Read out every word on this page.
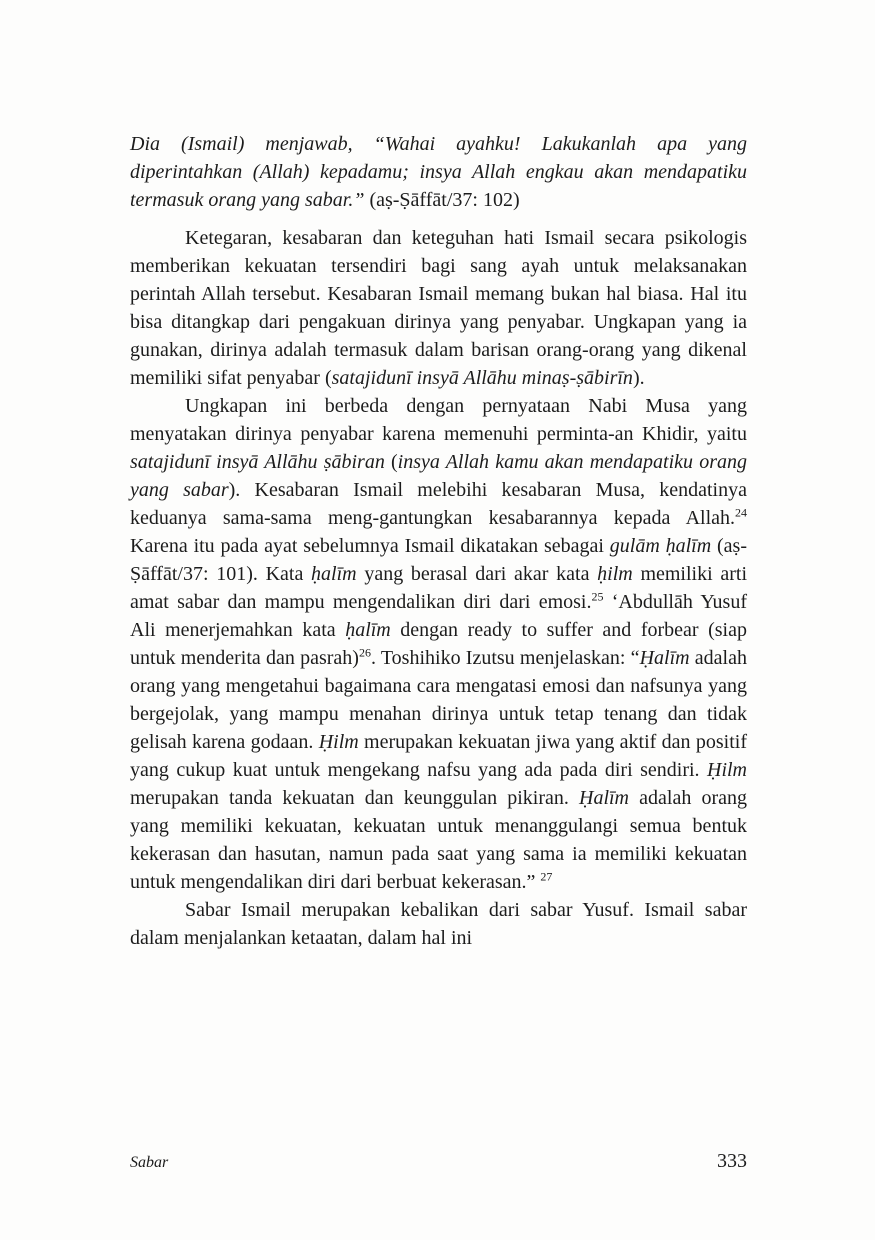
Dia (Ismail) menjawab, “Wahai ayahku! Lakukanlah apa yang diperintahkan (Allah) kepadamu; insya Allah engkau akan mendapatiku termasuk orang yang sabar.” (aṣ-Ṣāffāt/37: 102)

Ketegaran, kesabaran dan keteguhan hati Ismail secara psikologis memberikan kekuatan tersendiri bagi sang ayah untuk melaksanakan perintah Allah tersebut. Kesabaran Ismail memang bukan hal biasa. Hal itu bisa ditangkap dari pengakuan dirinya yang penyabar. Ungkapan yang ia gunakan, dirinya adalah termasuk dalam barisan orang-orang yang dikenal memiliki sifat penyabar (satajidunī insyā Allāhu minaṣ-ṣābirīn).

Ungkapan ini berbeda dengan pernyataan Nabi Musa yang menyatakan dirinya penyabar karena memenuhi perminta-an Khidir, yaitu satajidunī insyā Allāhu ṣābiran (insya Allah kamu akan mendapatiku orang yang sabar). Kesabaran Ismail melebihi kesabaran Musa, kendatinya keduanya sama-sama meng-gantungkan kesabarannya kepada Allah.$^{24}$ Karena itu pada ayat sebelumnya Ismail dikatakan sebagai gulām ḥalīm (aṣ-Ṣāffāt/37: 101). Kata ḥalīm yang berasal dari akar kata ḥilm memiliki arti amat sabar dan mampu mengendalikan diri dari emosi.$^{25}$ ‘Abdullāh Yusuf Ali menerjemahkan kata ḥalīm dengan ready to suffer and forbear (siap untuk menderita dan pasrah)$^{26}$. Toshihiko Izutsu menjelaskan: “Ḥalīm adalah orang yang mengetahui bagaimana cara mengatasi emosi dan nafsunya yang bergejolak, yang mampu menahan dirinya untuk tetap tenang dan tidak gelisah karena godaan. Ḥilm merupakan kekuatan jiwa yang aktif dan positif yang cukup kuat untuk mengekang nafsu yang ada pada diri sendiri. Ḥilm merupakan tanda kekuatan dan keunggulan pikiran. Ḥalīm adalah orang yang memiliki kekuatan, kekuatan untuk menanggulangi semua bentuk kekerasan dan hasutan, namun pada saat yang sama ia memiliki kekuatan untuk mengendalikan diri dari berbuat kekerasan.” $^{27}$

Sabar Ismail merupakan kebalikan dari sabar Yusuf. Ismail sabar dalam menjalankan ketaatan, dalam hal ini

Sabar	333
